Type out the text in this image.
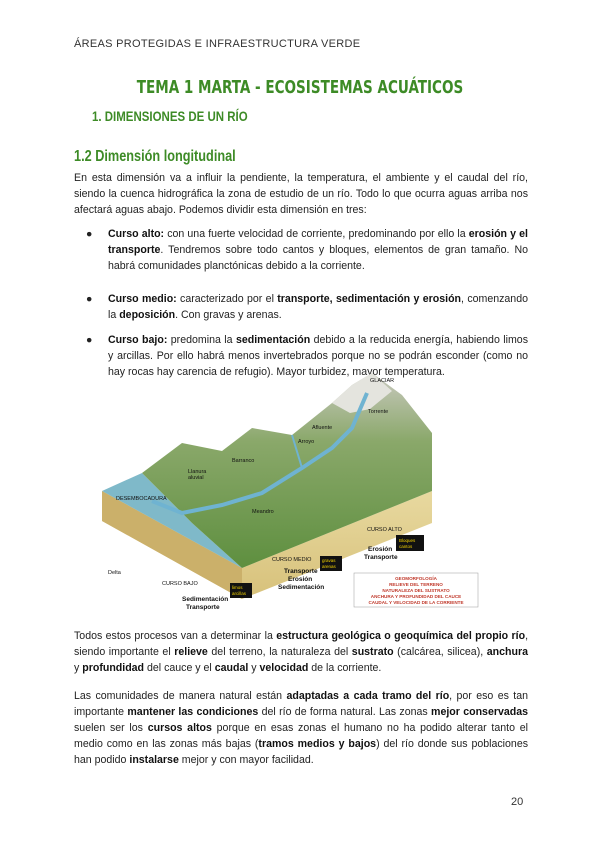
ÁREAS PROTEGIDAS E INFRAESTRUCTURA VERDE
TEMA 1 MARTA - ECOSISTEMAS ACUÁTICOS
1. DIMENSIONES DE UN RÍO
1.2 Dimensión longitudinal
En esta dimensión va a influir la pendiente, la temperatura, el ambiente y el caudal del río, siendo la cuenca hidrográfica la zona de estudio de un río. Todo lo que ocurra aguas arriba nos afectará aguas abajo. Podemos dividir esta dimensión en tres:
● Curso alto: con una fuerte velocidad de corriente, predominando por ello la erosión y el transporte. Tendremos sobre todo cantos y bloques, elementos de gran tamaño. No habrá comunidades planctónicas debido a la corriente.
● Curso medio: caracterizado por el transporte, sedimentación y erosión, comenzando la deposición. Con gravas y arenas.
● Curso bajo: predomina la sedimentación debido a la reducida energía, habiendo limos y arcillas. Por ello habrá menos invertebrados porque no se podrán esconder (como no hay rocas hay carencia de refugio). Mayor turbidez, mayor temperatura.
GLACIAR
Torrente
Afluente
Arroyo
Barranco
Llanura aluvial
Meandro
DESEMBOCADURA
Delta
CURSO BAJO
CURSO MEDIO
CURSO ALTO
Erosión
Transporte
Transporte
Erosión
Sedimentación
Sedimentación
Transporte
Bloques cantos
gravas arenas
limos arcillas
GEOMORFOLOGÍA
RELIEVE DEL TERRENO
NATURALEZA DEL SUSTRATO
ANCHURA Y PROFUNDIDAD DEL CAUCE
CAUDAL Y VELOCIDAD DE LA CORRIENTE
Todos estos procesos van a determinar la estructura geológica o geoquímica del propio río, siendo importante el relieve del terreno, la naturaleza del sustrato (calcárea, silicea), anchura y profundidad del cauce y el caudal y velocidad de la corriente.
Las comunidades de manera natural están adaptadas a cada tramo del río, por eso es tan importante mantener las condiciones del río de forma natural. Las zonas mejor conservadas suelen ser los cursos altos porque en esas zonas el humano no ha podido alterar tanto el medio como en las zonas más bajas (tramos medios y bajos) del río donde sus poblaciones han podido instalarse mejor y con mayor facilidad.
20
